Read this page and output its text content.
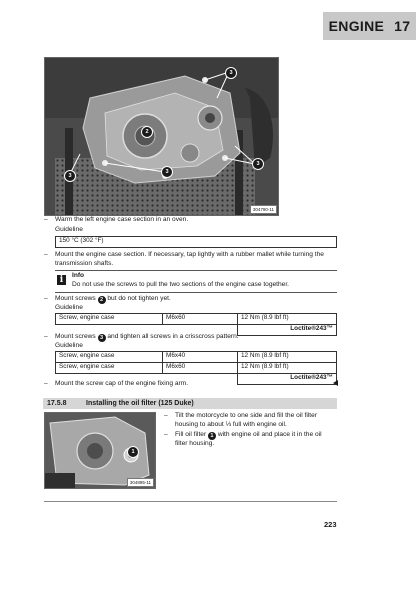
ENGINE 17
3
2
3
3
3
304790-11
– Warm the left engine case section in an oven.
Guideline
150 °C (302 °F)
– Mount the engine case section. If necessary, tap lightly with a rubber mallet while turning the transmission shafts.
i	Info
Do not use the screws to pull the two sections of the engine case together.
– Mount screws 2 but do not tighten yet.
Guideline
Screw, engine case	M6x60	12 Nm (8.9 lbf ft)
		Loctite®243™
– Mount screws 3 and tighten all screws in a crisscross pattern.
Guideline
Screw, engine case	M6x40	12 Nm (8.9 lbf ft)
Screw, engine case	M6x60	12 Nm (8.9 lbf ft)
		Loctite®243™
– Mount the screw cap of the engine fixing arm.
17.5.8	Installing the oil filter (125 Duke)
1
304895-11
– Tilt the motorcycle to one side and fill the oil filter housing to about ⅓ full with engine oil.
– Fill oil filter 1 with engine oil and place it in the oil filter housing.
223
